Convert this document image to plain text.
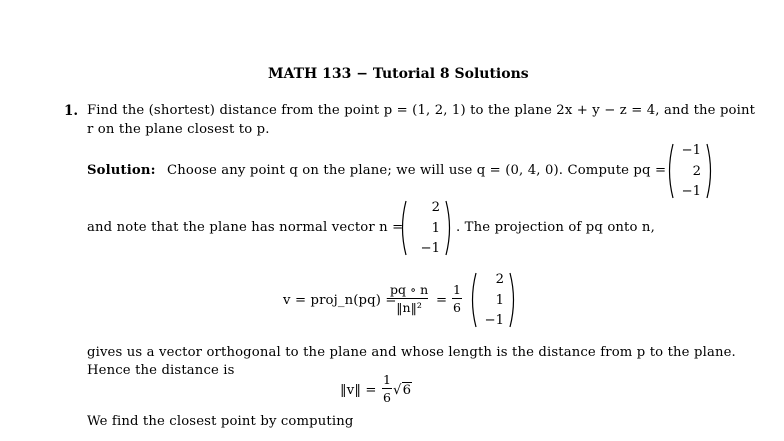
MATH 133 − Tutorial 8 Solutions
1. Find the (shortest) distance from the point p = (1, 2, 1) to the plane 2x + y − z = 4, and the point
r on the plane closest to p.
Solution: Choose any point q on the plane; we will use q = (0, 4, 0). Compute pq =
−1
2
−1
and note that the plane has normal vector n =
2
1
−1
. The projection of pq onto n,
v = proj_n(pq) =
pq ∘ n
‖n‖² =
1
6
2
1
−1
gives us a vector orthogonal to the plane and whose length is the distance from p to the plane.
Hence the distance is
‖v‖ =
1
6 √6
We find the closest point by computing
